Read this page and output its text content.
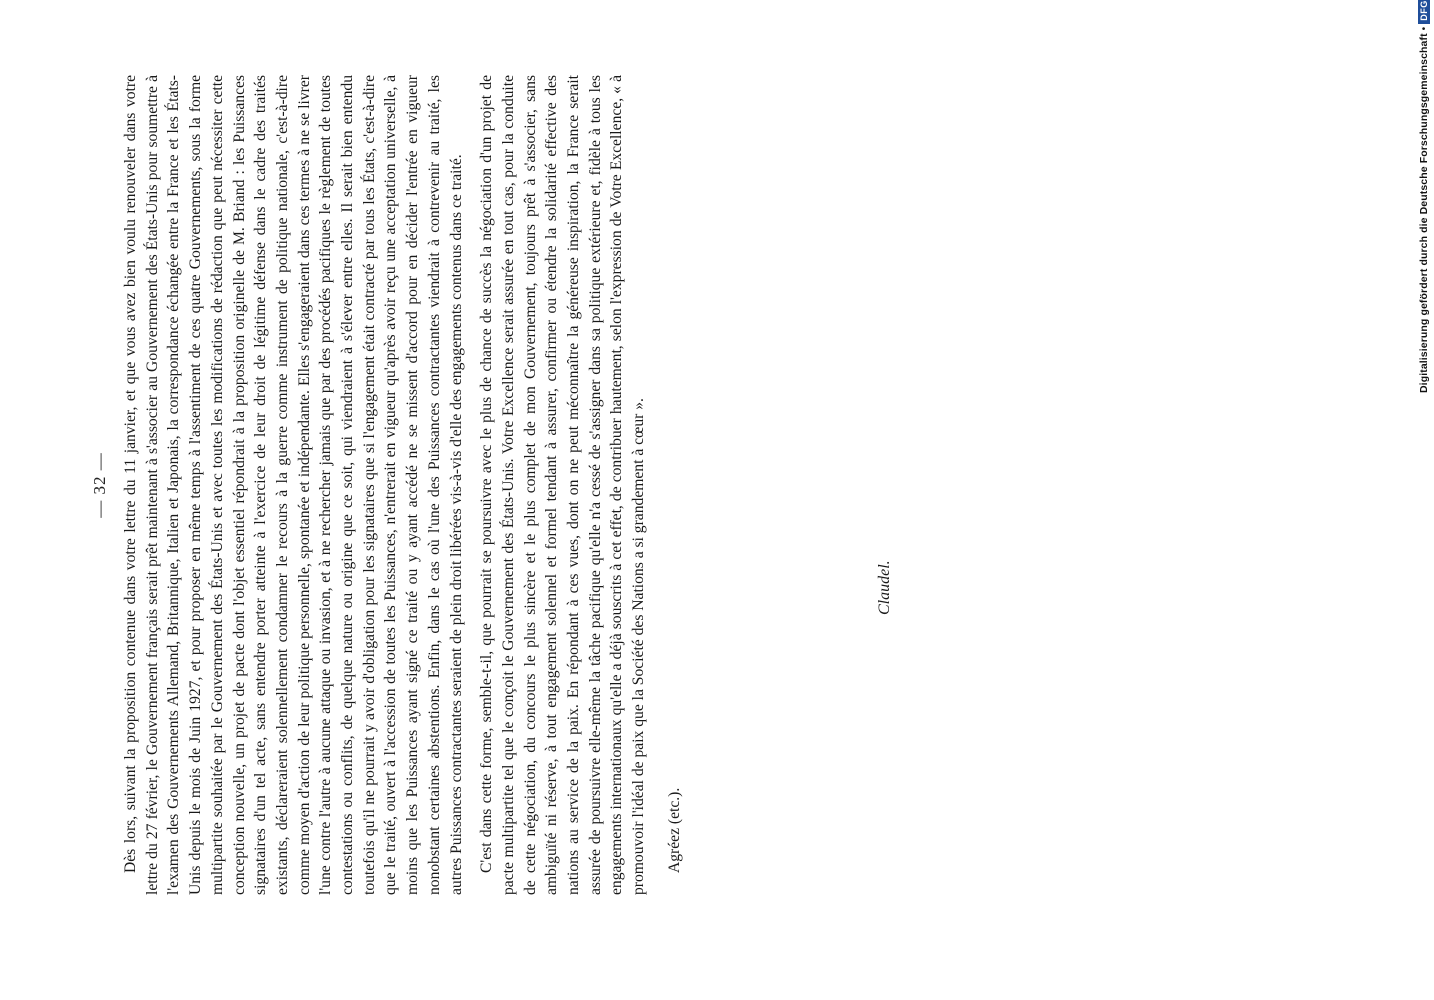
— 32 — Dès lors, suivant la proposition contenue dans votre lettre du 11 janvier, et que vous avez bien voulu renouveler dans votre lettre du 27 février, le Gouvernement français serait prêt maintenant à s'associer au Gouvernement des États-Unis pour soumettre à l'examen des Gouvernements Allemand, Britannique, Italien et Japonais, la correspondance échangée entre la France et les États-Unis depuis le mois de Juin 1927, et pour proposer en même temps à l'assentiment de ces quatre Gouvernements, sous la forme multipartite souhaitée par le Gouvernement des États-Unis et avec toutes les modifications de rédaction que peut nécessiter cette conception nouvelle, un projet de pacte dont l'objet essentiel répondrait à la proposition originelle de M. Briand : les Puissances signataires d'un tel acte, sans entendre porter atteinte à l'exercice de leur droit de légitime défense dans le cadre des traités existants, déclareraient solennellement condamner le recours à la guerre comme instrument de politique nationale, c'est-à-dire comme moyen d'action de leur politique personnelle, spontanée et indépendante. Elles s'engageraient dans ces termes à ne se livrer l'une contre l'autre à aucune attaque ou invasion, et à ne rechercher jamais que par des procédés pacifiques le règlement de toutes contestations ou conflits, de quelque nature ou origine que ce soit, qui viendraient à s'élever entre elles. Il serait bien entendu toutefois qu'il ne pourrait y avoir d'obligation pour les signataires que si l'engagement était contracté par tous les États, c'est-à-dire que le traité, ouvert à l'accession de toutes les Puissances, n'entrerait en vigueur qu'après avoir reçu une acceptation universelle, à moins que les Puissances ayant signé ce traité ou y ayant accédé ne se missent d'accord pour en décider l'entrée en vigueur nonobstant certaines abstentions. Enfin, dans le cas où l'une des Puissances contractantes viendrait à contrevenir au traité, les autres Puissances contractantes seraient de plein droit libérées vis-à-vis d'elle des engagements contenus dans ce traité. C'est dans cette forme, semble-t-il, que pourrait se poursuivre avec le plus de chance de succès la négociation d'un projet de pacte multipartite tel que le conçoit le Gouvernement des États-Unis. Votre Excellence serait assurée en tout cas, pour la conduite de cette négociation, du concours le plus sincère et le plus complet de mon Gouvernement, toujours prêt à s'associer, sans ambiguïté ni réserve, à tout engagement solennel et formel tendant à assurer, confirmer ou étendre la solidarité effective des nations au service de la paix. En répondant à ces vues, dont on ne peut méconnaître la généreuse inspiration, la France serait assurée de poursuivre elle-même la tâche pacifique qu'elle n'a cessé de s'assigner dans sa politique extérieure et, fidèle à tous les engagements internationaux qu'elle a déjà souscrits à cet effet, de contribuer hautement, selon l'expression de Votre Excellence, « à promouvoir l'idéal de paix que la Société des Nations a si grandement à cœur ». Agréez (etc.).

Claudel.
Digitalisierung gefördert durch die Deutsche Forschungsgemeinschaft
•
DFG
